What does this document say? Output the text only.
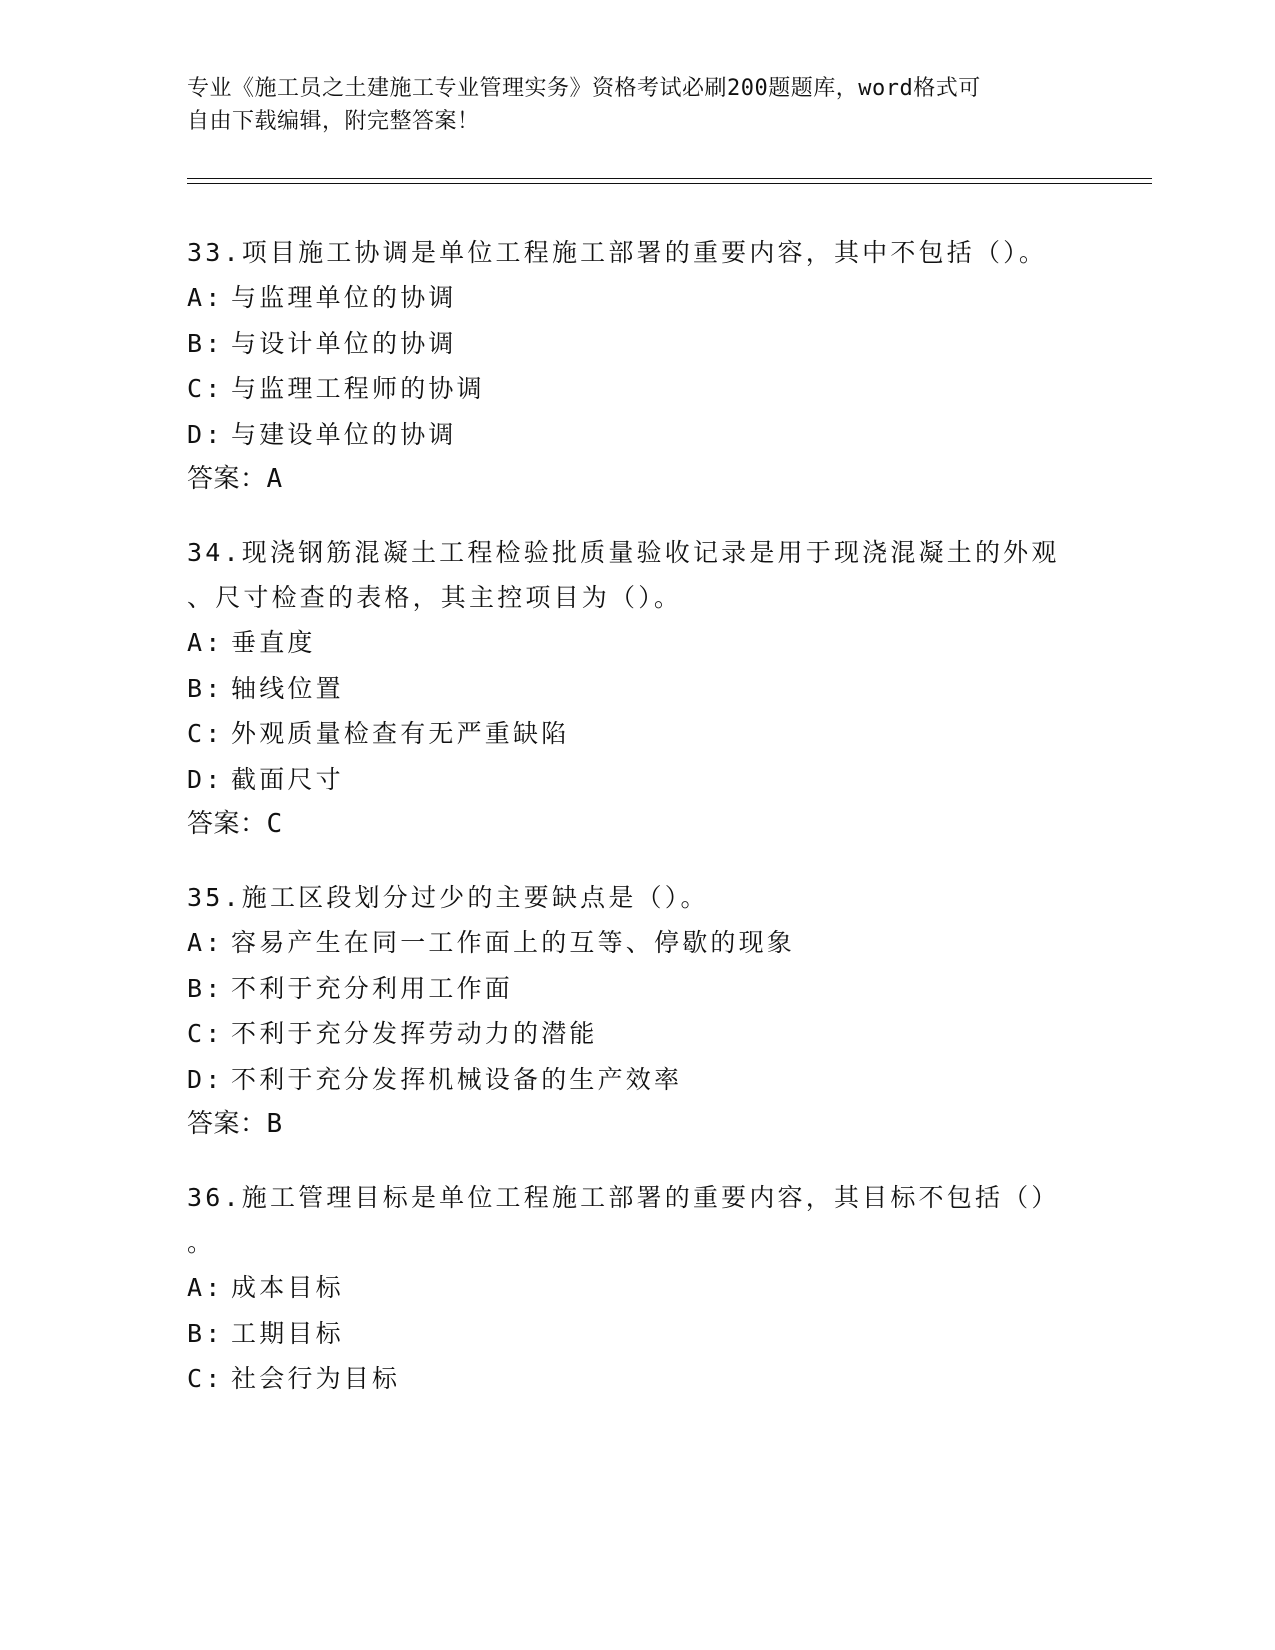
专业《施工员之土建施工专业管理实务》资格考试必刷200题题库，word格式可
自由下载编辑，附完整答案！

33.项目施工协调是单位工程施工部署的重要内容，其中不包括（）。

A: 与监理单位的协调

B: 与设计单位的协调

C: 与监理工程师的协调

D: 与建设单位的协调

答案：A

34.现浇钢筋混凝土工程检验批质量验收记录是用于现浇混凝土的外观
、尺寸检查的表格，其主控项目为（）。

A: 垂直度

B: 轴线位置

C: 外观质量检查有无严重缺陷

D: 截面尺寸

答案：C

35.施工区段划分过少的主要缺点是（）。

A: 容易产生在同一工作面上的互等、停歇的现象

B: 不利于充分利用工作面

C: 不利于充分发挥劳动力的潜能

D: 不利于充分发挥机械设备的生产效率

答案：B

36.施工管理目标是单位工程施工部署的重要内容，其目标不包括（）
。

A: 成本目标

B: 工期目标

C: 社会行为目标
